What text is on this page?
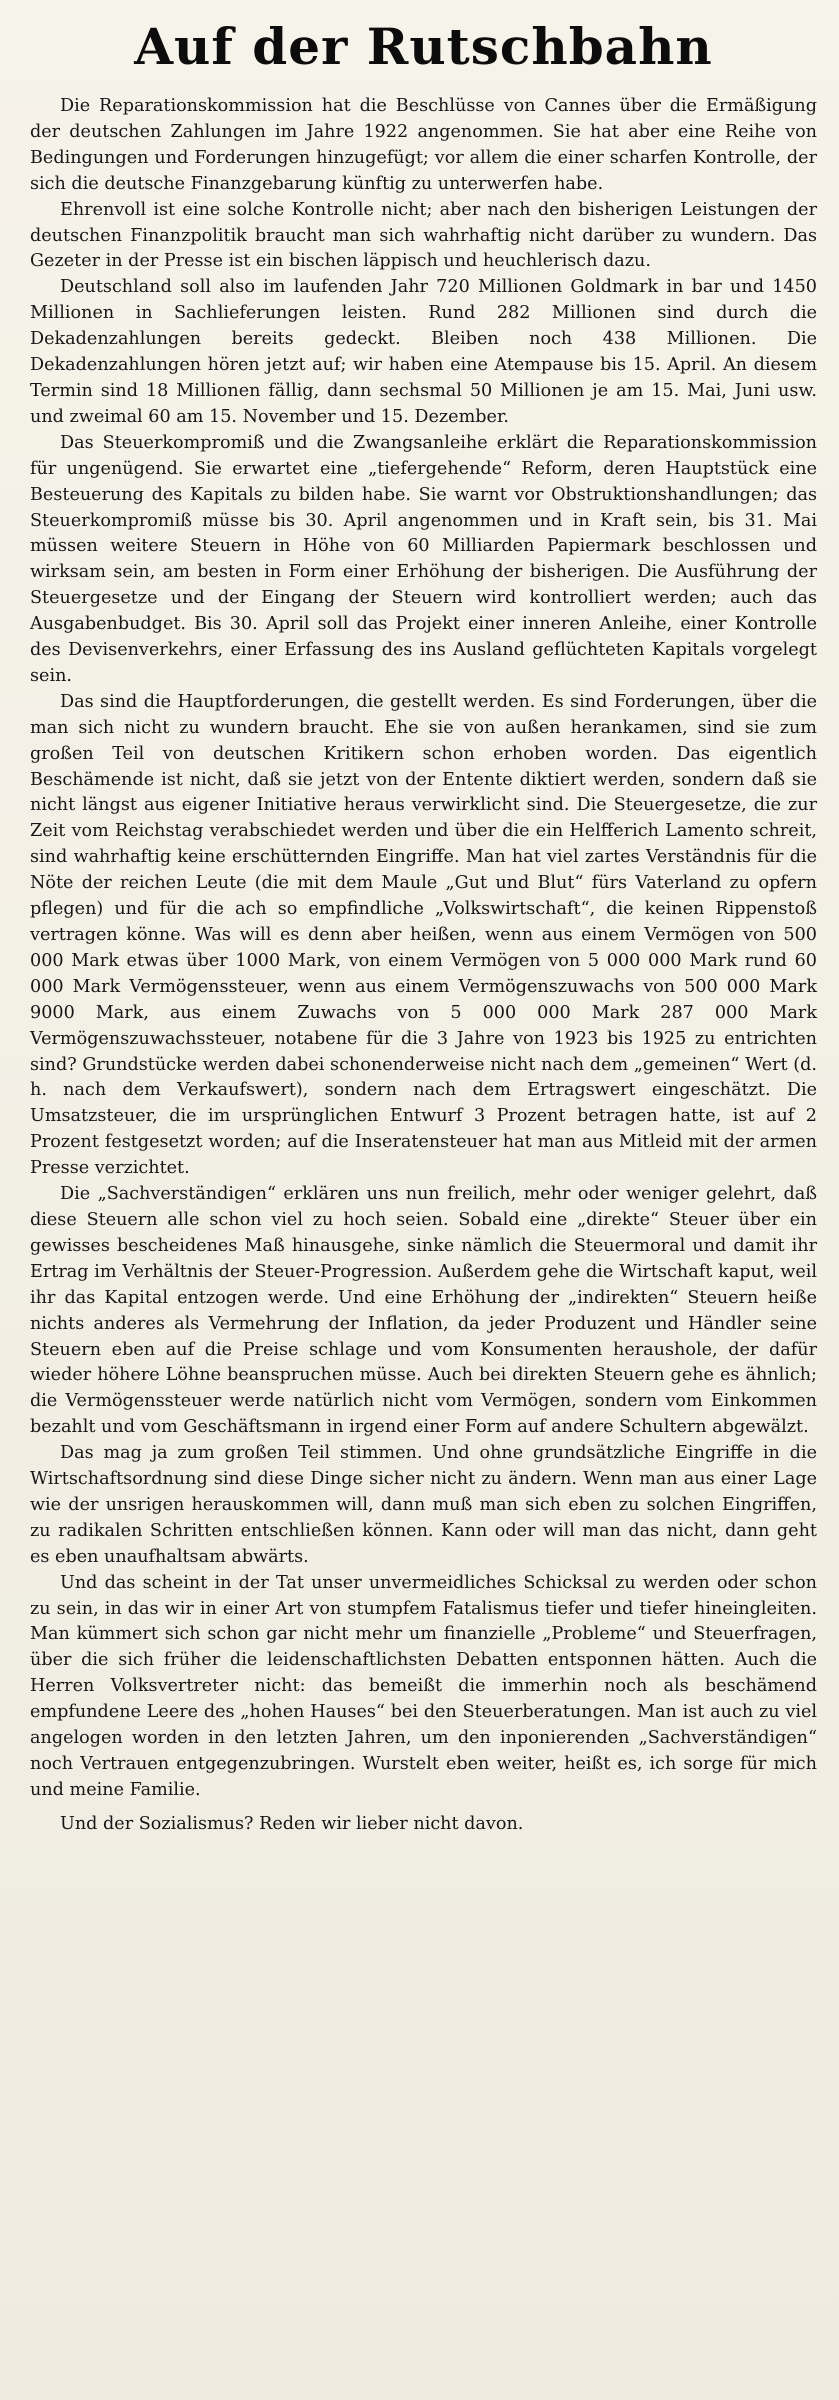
Auf der Rutschbahn

Die Reparationskommission hat die Beschlüsse von Cannes über die Ermäßigung der deutschen Zahlungen im Jahre 1922 angenommen. Sie hat aber eine Reihe von Bedingungen und Forderungen hinzugefügt; vor allem die einer scharfen Kontrolle, der sich die deutsche Finanzgebarung künftig zu unterwerfen habe.

Ehrenvoll ist eine solche Kontrolle nicht; aber nach den bisherigen Leistungen der deutschen Finanzpolitik braucht man sich wahrhaftig nicht darüber zu wundern. Das Gezeter in der Presse ist ein bischen läppisch und heuchlerisch dazu.

Deutschland soll also im laufenden Jahr 720 Millionen Goldmark in bar und 1450 Millionen in Sachlieferungen leisten. Rund 282 Millionen sind durch die Dekadenzahlungen bereits gedeckt. Bleiben noch 438 Millionen. Die Dekadenzahlungen hören jetzt auf; wir haben eine Atempause bis 15. April. An diesem Termin sind 18 Millionen fällig, dann sechsmal 50 Millionen je am 15. Mai, Juni usw. und zweimal 60 am 15. November und 15. Dezember.

Das Steuerkompromiß und die Zwangsanleihe erklärt die Reparationskommission für ungenügend. Sie erwartet eine „tiefergehende“ Reform, deren Hauptstück eine Besteuerung des Kapitals zu bilden habe. Sie warnt vor Obstruktionshandlungen; das Steuerkompromiß müsse bis 30. April angenommen und in Kraft sein, bis 31. Mai müssen weitere Steuern in Höhe von 60 Milliarden Papiermark beschlossen und wirksam sein, am besten in Form einer Erhöhung der bisherigen. Die Ausführung der Steuergesetze und der Eingang der Steuern wird kontrolliert werden; auch das Ausgabenbudget. Bis 30. April soll das Projekt einer inneren Anleihe, einer Kontrolle des Devisenverkehrs, einer Erfassung des ins Ausland geflüchteten Kapitals vorgelegt sein.

Das sind die Hauptforderungen, die gestellt werden. Es sind Forderungen, über die man sich nicht zu wundern braucht. Ehe sie von außen herankamen, sind sie zum großen Teil von deutschen Kritikern schon erhoben worden. Das eigentlich Beschämende ist nicht, daß sie jetzt von der Entente diktiert werden, sondern daß sie nicht längst aus eigener Initiative heraus verwirklicht sind. Die Steuergesetze, die zur Zeit vom Reichstag verabschiedet werden und über die ein Helfferich Lamento schreit, sind wahrhaftig keine erschütternden Eingriffe. Man hat viel zartes Verständnis für die Nöte der reichen Leute (die mit dem Maule „Gut und Blut“ fürs Vaterland zu opfern pflegen) und für die ach so empfindliche „Volkswirtschaft“, die keinen Rippenstoß vertragen könne. Was will es denn aber heißen, wenn aus einem Vermögen von 500 000 Mark etwas über 1000 Mark, von einem Vermögen von 5 000 000 Mark rund 60 000 Mark Vermögenssteuer, wenn aus einem Vermögenszuwachs von 500 000 Mark 9000 Mark, aus einem Zuwachs von 5 000 000 Mark 287 000 Mark Vermögenszuwachssteuer, notabene für die 3 Jahre von 1923 bis 1925 zu entrichten sind? Grundstücke werden dabei schonenderweise nicht nach dem „gemeinen“ Wert (d. h. nach dem Verkaufswert), sondern nach dem Ertragswert eingeschätzt. Die Umsatzsteuer, die im ursprünglichen Entwurf 3 Prozent betragen hatte, ist auf 2 Prozent festgesetzt worden; auf die Inseratensteuer hat man aus Mitleid mit der armen Presse verzichtet.

Die „Sachverständigen“ erklären uns nun freilich, mehr oder weniger gelehrt, daß diese Steuern alle schon viel zu hoch seien. Sobald eine „direkte“ Steuer über ein gewisses bescheidenes Maß hinausgehe, sinke nämlich die Steuermoral und damit ihr Ertrag im Verhältnis der Steuer-Progression. Außerdem gehe die Wirtschaft kaput, weil ihr das Kapital entzogen werde. Und eine Erhöhung der „indirekten“ Steuern heiße nichts anderes als Vermehrung der Inflation, da jeder Produzent und Händler seine Steuern eben auf die Preise schlage und vom Konsumenten heraushole, der dafür wieder höhere Löhne beanspruchen müsse. Auch bei direkten Steuern gehe es ähnlich; die Vermögenssteuer werde natürlich nicht vom Vermögen, sondern vom Einkommen bezahlt und vom Geschäftsmann in irgend einer Form auf andere Schultern abgewälzt.

Das mag ja zum großen Teil stimmen. Und ohne grundsätzliche Eingriffe in die Wirtschaftsordnung sind diese Dinge sicher nicht zu ändern. Wenn man aus einer Lage wie der unsrigen herauskommen will, dann muß man sich eben zu solchen Eingriffen, zu radikalen Schritten entschließen können. Kann oder will man das nicht, dann geht es eben unaufhaltsam abwärts.

Und das scheint in der Tat unser unvermeidliches Schicksal zu werden oder schon zu sein, in das wir in einer Art von stumpfem Fatalismus tiefer und tiefer hineingleiten. Man kümmert sich schon gar nicht mehr um finanzielle „Probleme“ und Steuerfragen, über die sich früher die leidenschaftlichsten Debatten entsponnen hätten. Auch die Herren Volksvertreter nicht: das bemeißt die immerhin noch als beschämend empfundene Leere des „hohen Hauses“ bei den Steuerberatungen. Man ist auch zu viel angelogen worden in den letzten Jahren, um den inponierenden „Sachverständigen“ noch Vertrauen entgegenzubringen. Wurstelt eben weiter, heißt es, ich sorge für mich und meine Familie.

Und der Sozialismus? Reden wir lieber nicht davon.
